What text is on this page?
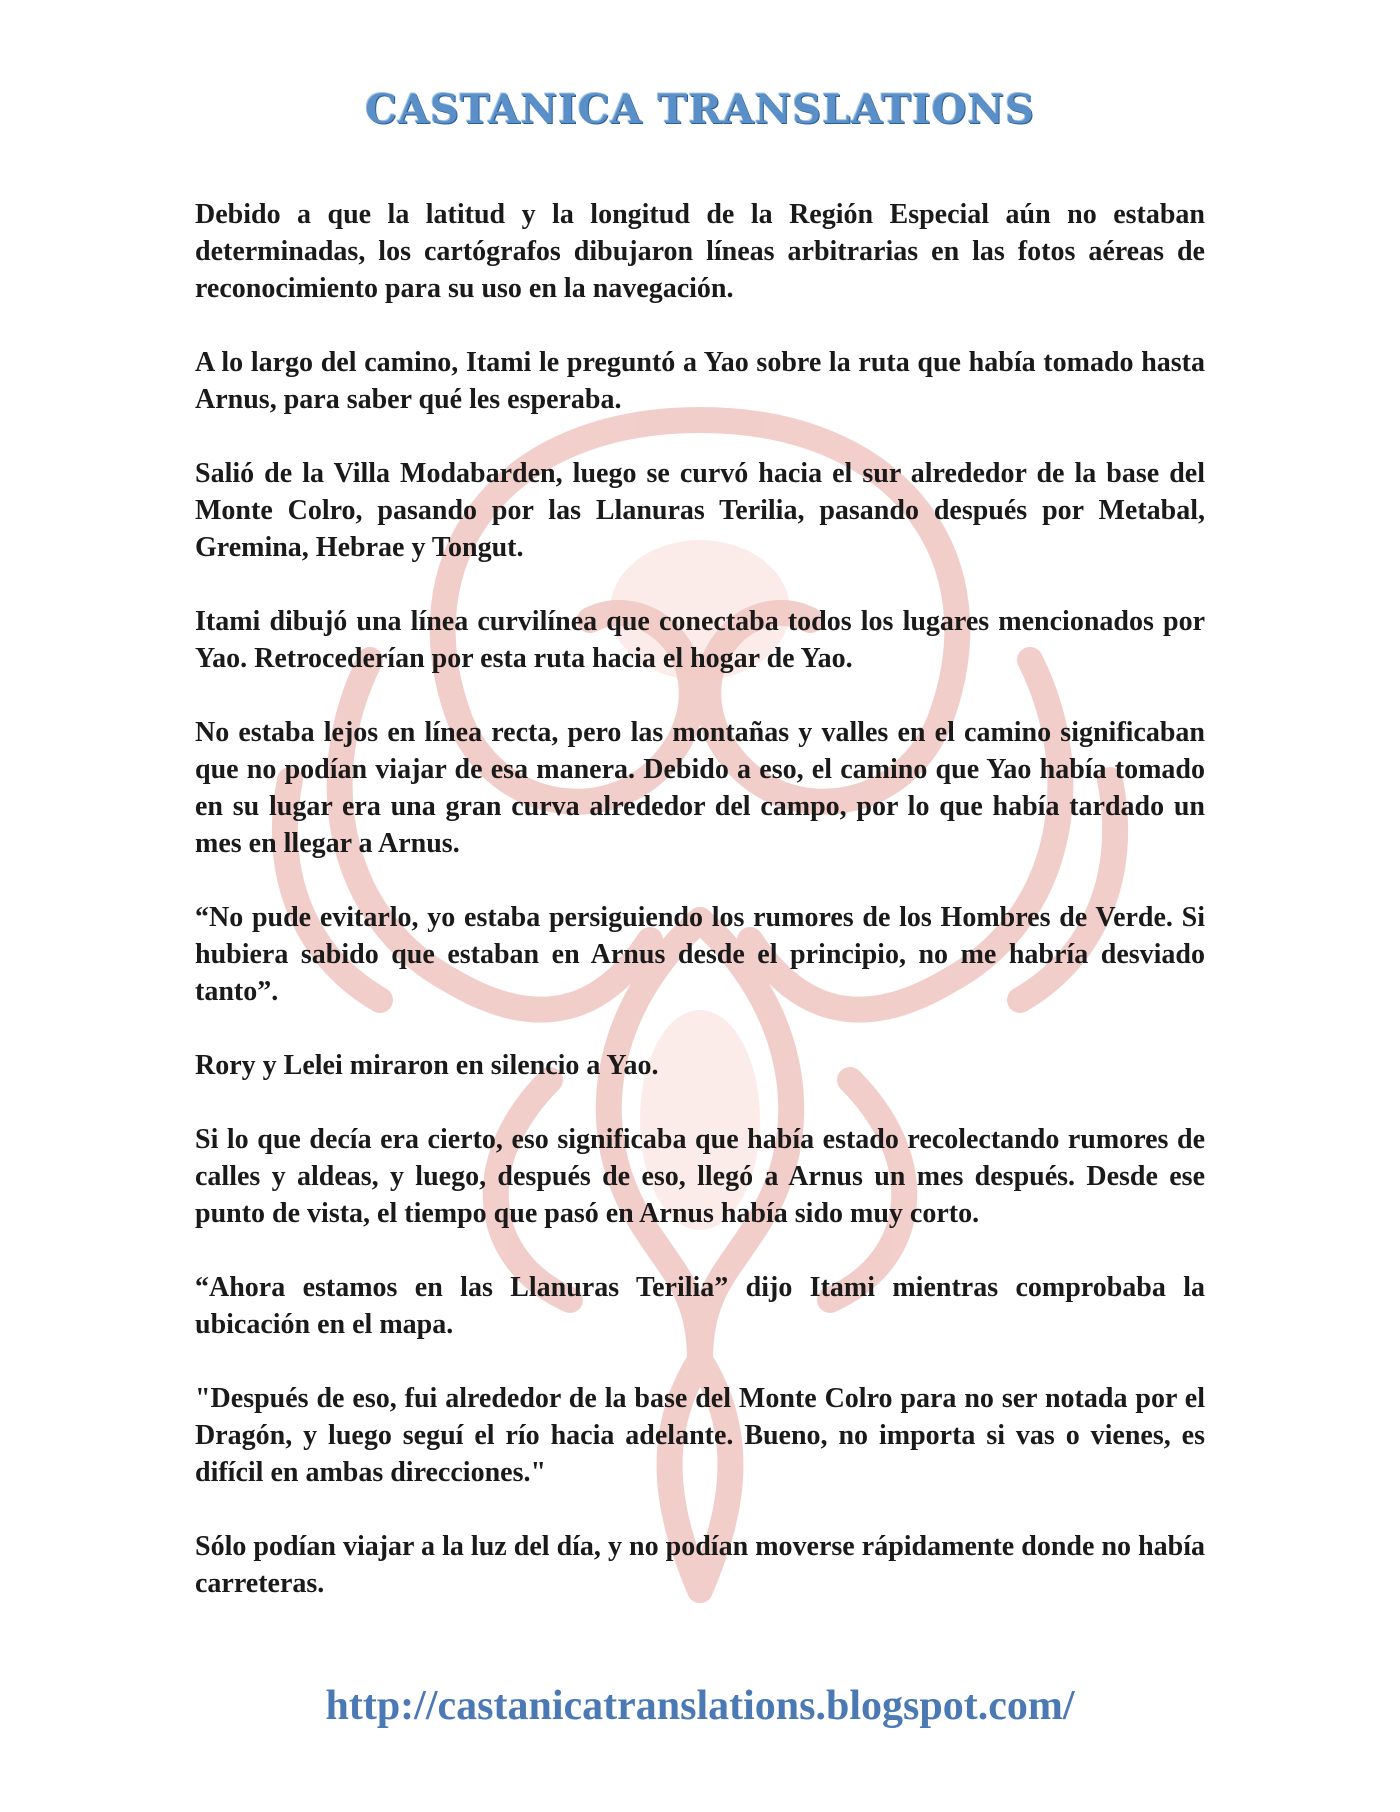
CASTANICA TRANSLATIONS

Debido a que la latitud y la longitud de la Región Especial aún no estaban determinadas, los cartógrafos dibujaron líneas arbitrarias en las fotos aéreas de reconocimiento para su uso en la navegación.

A lo largo del camino, Itami le preguntó a Yao sobre la ruta que había tomado hasta Arnus, para saber qué les esperaba.

Salió de la Villa Modabarden, luego se curvó hacia el sur alrededor de la base del Monte Colro, pasando por las Llanuras Terilia, pasando después por Metabal, Gremina, Hebrae y Tongut.

Itami dibujó una línea curvilínea que conectaba todos los lugares mencionados por Yao. Retrocederían por esta ruta hacia el hogar de Yao.

No estaba lejos en línea recta, pero las montañas y valles en el camino significaban que no podían viajar de esa manera. Debido a eso, el camino que Yao había tomado en su lugar era una gran curva alrededor del campo, por lo que había tardado un mes en llegar a Arnus.

“No pude evitarlo, yo estaba persiguiendo los rumores de los Hombres de Verde. Si hubiera sabido que estaban en Arnus desde el principio, no me habría desviado tanto”.

Rory y Lelei miraron en silencio a Yao.

Si lo que decía era cierto, eso significaba que había estado recolectando rumores de calles y aldeas, y luego, después de eso, llegó a Arnus un mes después. Desde ese punto de vista, el tiempo que pasó en Arnus había sido muy corto.

“Ahora estamos en las Llanuras Terilia” dijo Itami mientras comprobaba la ubicación en el mapa.

"Después de eso, fui alrededor de la base del Monte Colro para no ser notada por el Dragón, y luego seguí el río hacia adelante. Bueno, no importa si vas o vienes, es difícil en ambas direcciones."

Sólo podían viajar a la luz del día, y no podían moverse rápidamente donde no había carreteras.

http://castanicatranslations.blogspot.com/
